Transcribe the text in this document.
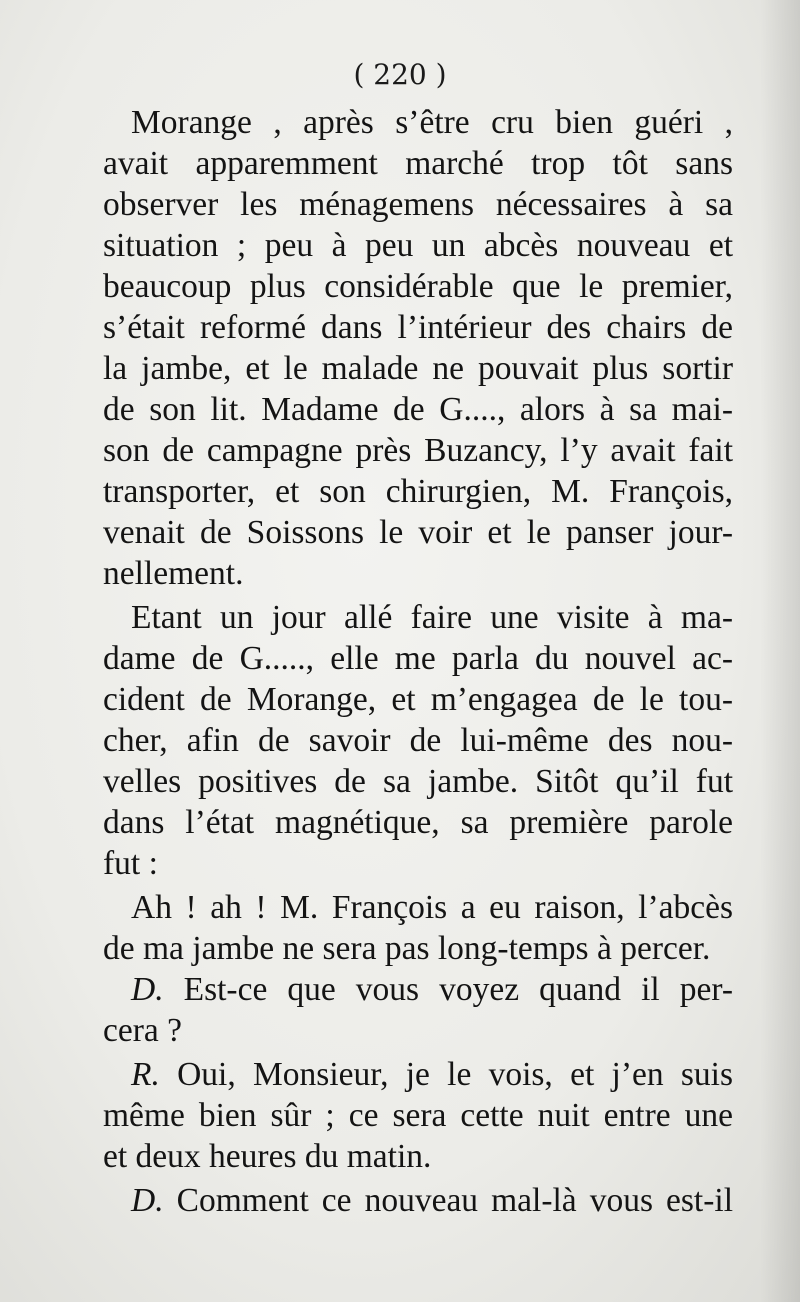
( 220 )
Morange , après s’être cru bien guéri ,
avait apparemment marché trop tôt sans
observer les ménagemens nécessaires à sa
situation ; peu à peu un abcès nouveau et
beaucoup plus considérable que le premier,
s’était reformé dans l’intérieur des chairs de
la jambe, et le malade ne pouvait plus sortir
de son lit. Madame de G...., alors à sa mai-
son de campagne près Buzancy, l’y avait fait
transporter, et son chirurgien, M. François,
venait de Soissons le voir et le panser jour-
nellement.
Etant un jour allé faire une visite à ma-
dame de G....., elle me parla du nouvel ac-
cident de Morange, et m’engagea de le tou-
cher, afin de savoir de lui-même des nou-
velles positives de sa jambe. Sitôt qu’il fut
dans l’état magnétique, sa première parole
fut :
Ah ! ah ! M. François a eu raison, l’abcès
de ma jambe ne sera pas long-temps à percer.
D. Est-ce que vous voyez quand il per-
cera ?
R. Oui, Monsieur, je le vois, et j’en suis
même bien sûr ; ce sera cette nuit entre une
et deux heures du matin.
D. Comment ce nouveau mal-là vous est-il
